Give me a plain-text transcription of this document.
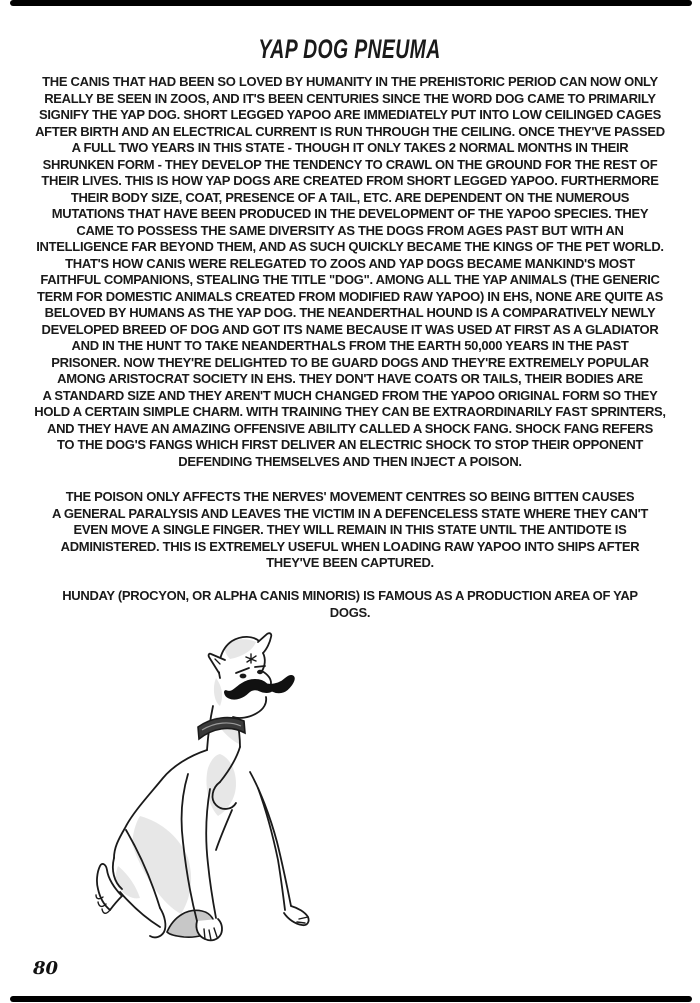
YAP DOG PNEUMA
THE CANIS THAT HAD BEEN SO LOVED BY HUMANITY IN THE PREHISTORIC PERIOD CAN NOW ONLY
REALLY BE SEEN IN ZOOS, AND IT'S BEEN CENTURIES SINCE THE WORD DOG CAME TO PRIMARILY
SIGNIFY THE YAP DOG. SHORT LEGGED YAPOO ARE IMMEDIATELY PUT INTO LOW CEILINGED CAGES
AFTER BIRTH AND AN ELECTRICAL CURRENT IS RUN THROUGH THE CEILING. ONCE THEY'VE PASSED
A FULL TWO YEARS IN THIS STATE - THOUGH IT ONLY TAKES 2 NORMAL MONTHS IN THEIR
SHRUNKEN FORM - THEY DEVELOP THE TENDENCY TO CRAWL ON THE GROUND FOR THE REST OF
THEIR LIVES. THIS IS HOW YAP DOGS ARE CREATED FROM SHORT LEGGED YAPOO. FURTHERMORE
THEIR BODY SIZE, COAT, PRESENCE OF A TAIL, ETC. ARE DEPENDENT ON THE NUMEROUS
MUTATIONS THAT HAVE BEEN PRODUCED IN THE DEVELOPMENT OF THE YAPOO SPECIES. THEY
CAME TO POSSESS THE SAME DIVERSITY AS THE DOGS FROM AGES PAST BUT WITH AN
INTELLIGENCE FAR BEYOND THEM, AND AS SUCH QUICKLY BECAME THE KINGS OF THE PET WORLD.
THAT'S HOW CANIS WERE RELEGATED TO ZOOS AND YAP DOGS BECAME MANKIND'S MOST
FAITHFUL COMPANIONS, STEALING THE TITLE "DOG". AMONG ALL THE YAP ANIMALS (THE GENERIC
TERM FOR DOMESTIC ANIMALS CREATED FROM MODIFIED RAW YAPOO) IN EHS, NONE ARE QUITE AS
BELOVED BY HUMANS AS THE YAP DOG. THE NEANDERTHAL HOUND IS A COMPARATIVELY NEWLY
DEVELOPED BREED OF DOG AND GOT ITS NAME BECAUSE IT WAS USED AT FIRST AS A GLADIATOR
AND IN THE HUNT TO TAKE NEANDERTHALS FROM THE EARTH 50,000 YEARS IN THE PAST
PRISONER. NOW THEY'RE DELIGHTED TO BE GUARD DOGS AND THEY'RE EXTREMELY POPULAR
AMONG ARISTOCRAT SOCIETY IN EHS. THEY DON'T HAVE COATS OR TAILS, THEIR BODIES ARE
A STANDARD SIZE AND THEY AREN'T MUCH CHANGED FROM THE YAPOO ORIGINAL FORM SO THEY
HOLD A CERTAIN SIMPLE CHARM. WITH TRAINING THEY CAN BE EXTRAORDINARILY FAST SPRINTERS,
AND THEY HAVE AN AMAZING OFFENSIVE ABILITY CALLED A SHOCK FANG. SHOCK FANG REFERS
TO THE DOG'S FANGS WHICH FIRST DELIVER AN ELECTRIC SHOCK TO STOP THEIR OPPONENT
DEFENDING THEMSELVES AND THEN INJECT A POISON.
THE POISON ONLY AFFECTS THE NERVES' MOVEMENT CENTRES SO BEING BITTEN CAUSES
A GENERAL PARALYSIS AND LEAVES THE VICTIM IN A DEFENCELESS STATE WHERE THEY CAN'T
EVEN MOVE A SINGLE FINGER. THEY WILL REMAIN IN THIS STATE UNTIL THE ANTIDOTE IS
ADMINISTERED. THIS IS EXTREMELY USEFUL WHEN LOADING RAW YAPOO INTO SHIPS AFTER
THEY'VE BEEN CAPTURED.
HUNDAY (PROCYON, OR ALPHA CANIS MINORIS) IS FAMOUS AS A PRODUCTION AREA OF YAP
DOGS.
80
